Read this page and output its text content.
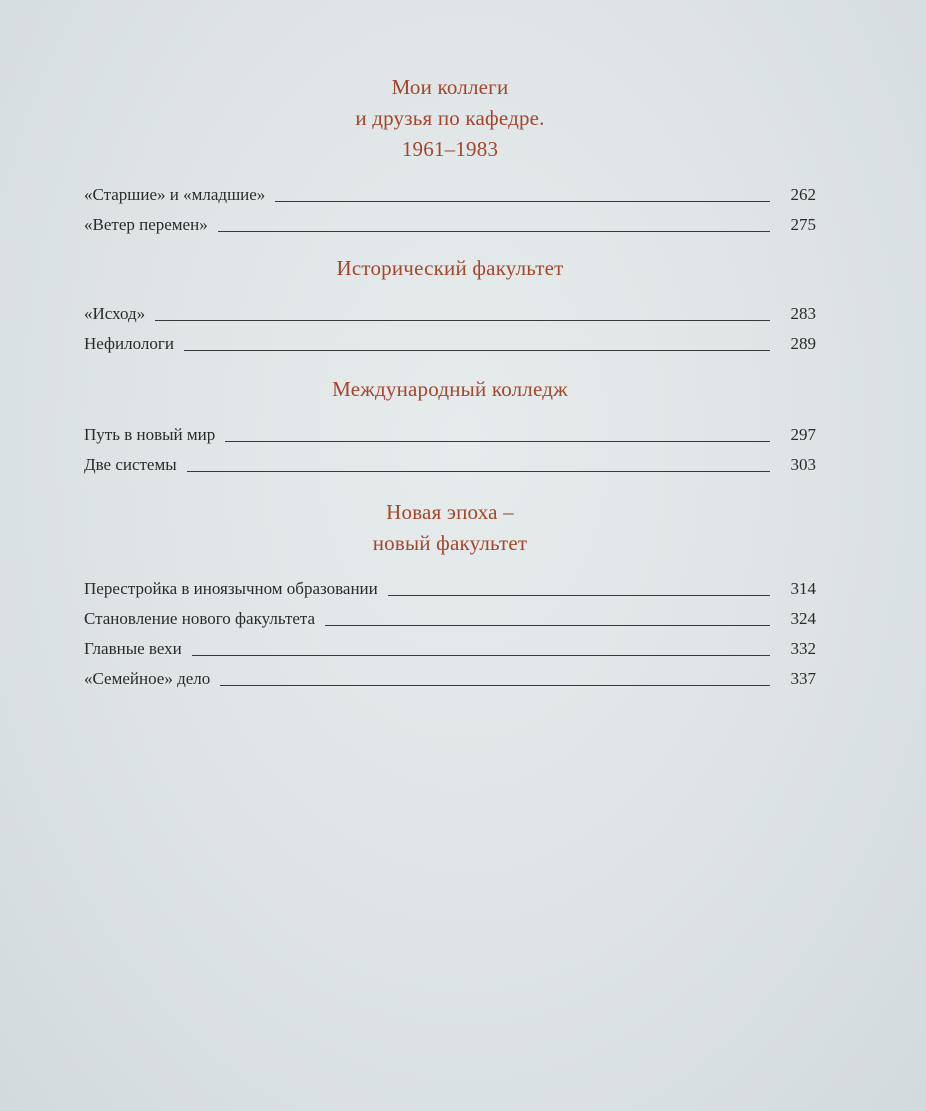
Мои коллеги
и друзья по кафедре.
1961–1983
«Старшие» и «младшие»	262
«Ветер перемен»	275
Исторический факультет
«Исход»	283
Нефилологи	289
Международный колледж
Путь в новый мир	297
Две системы	303
Новая эпоха –
новый факультет
Перестройка в иноязычном образовании	314
Становление нового факультета	324
Главные вехи	332
«Семейное» дело	337
